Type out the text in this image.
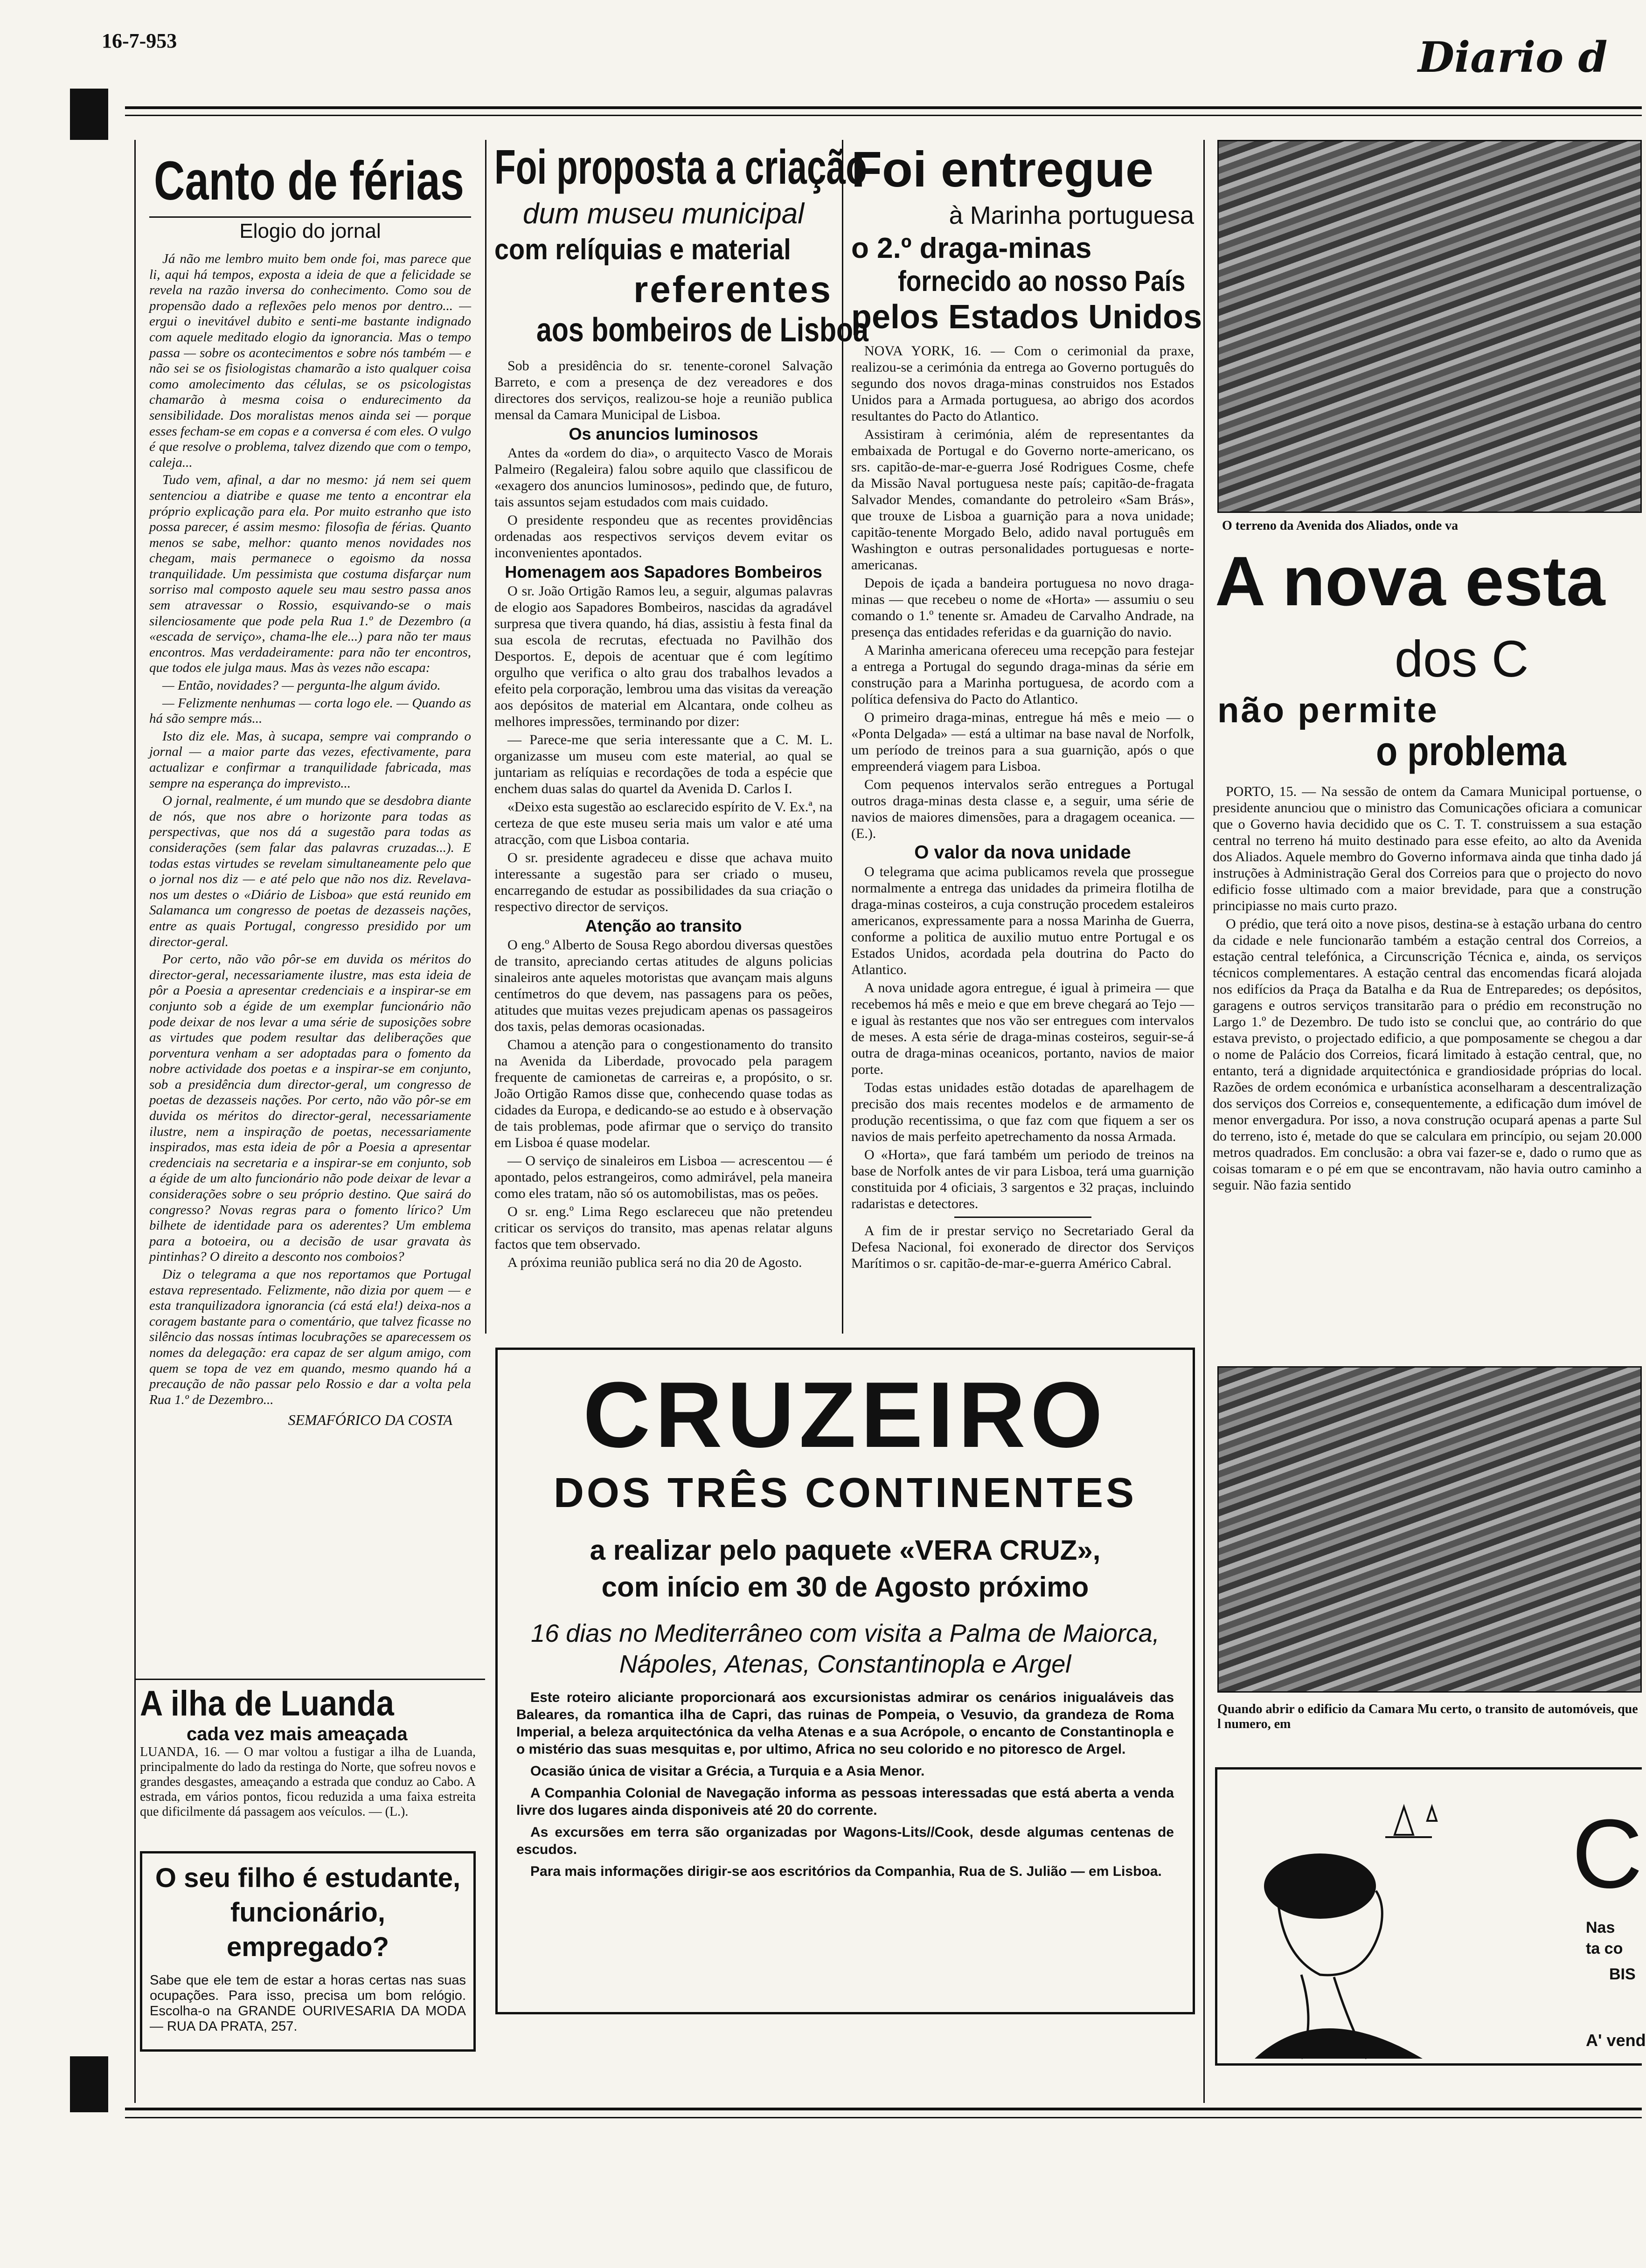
16-7-953	Diario d
Canto de férias
Elogio do jornal

Já não me lembro muito bem onde foi, mas parece que li, aqui há tempos, exposta a ideia de que a felicidade se revela na razão inversa do conhecimento. Como sou de propensão dado a reflexões pelo menos por dentro... — ergui o inevitável dubito e senti-me bastante indignado com aquele meditado elogio da ignorancia. Mas o tempo passa — sobre os acontecimentos e sobre nós também — e não sei se os fisiologistas chamarão a isto qualquer coisa como amolecimento das células, se os psicologistas chamarão à mesma coisa o endurecimento da sensibilidade. Dos moralistas menos ainda sei — porque esses fecham-se em copas e a conversa é com eles. O vulgo é que resolve o problema, talvez dizendo que com o tempo, caleja...

Tudo vem, afinal, a dar no mesmo: já nem sei quem sentenciou a diatribe e quase me tento a encontrar ela próprio explicação para ela. Por muito estranho que isto possa parecer, é assim mesmo: filosofia de férias. Quanto menos se sabe, melhor: quanto menos novidades nos chegam, mais permanece o egoismo da nossa tranquilidade. Um pessimista que costuma disfarçar num sorriso mal composto aquele seu mau sestro passa anos sem atravessar o Rossio, esquivando-se o mais silenciosamente que pode pela Rua 1.º de Dezembro (a «escada de serviço», chama-lhe ele...) para não ter maus encontros. Mas verdadeiramente: para não ter encontros, que todos ele julga maus. Mas às vezes não escapa:

— Então, novidades? — pergunta-lhe algum ávido.

— Felizmente nenhumas — corta logo ele. — Quando as há são sempre más...

Isto diz ele. Mas, à sucapa, sempre vai comprando o jornal — a maior parte das vezes, efectivamente, para actualizar e confirmar a tranquilidade fabricada, mas sempre na esperança do imprevisto...

O jornal, realmente, é um mundo que se desdobra diante de nós, que nos abre o horizonte para todas as perspectivas, que nos dá a sugestão para todas as considerações (sem falar das palavras cruzadas...). E todas estas virtudes se revelam simultaneamente pelo que o jornal nos diz — e até pelo que não nos diz. Revelava-nos um destes o «Diário de Lisboa» que está reunido em Salamanca um congresso de poetas de dezasseis nações, entre as quais Portugal, congresso presidido por um director-geral.

Por certo, não vão pôr-se em duvida os méritos do director-geral, necessariamente ilustre, mas esta ideia de pôr a Poesia a apresentar credenciais e a inspirar-se em conjunto sob a égide de um exemplar funcionário não pode deixar de nos levar a uma série de suposições sobre as virtudes que podem resultar das deliberações que porventura venham a ser adoptadas para o fomento da nobre actividade dos poetas e a inspirar-se em conjunto, sob a presidência dum director-geral, um congresso de poetas de dezasseis nações. Por certo, não vão pôr-se em duvida os méritos do director-geral, necessariamente ilustre, nem a inspiração de poetas, necessariamente inspirados, mas esta ideia de pôr a Poesia a apresentar credenciais na secretaria e a inspirar-se em conjunto, sob a égide de um alto funcionário não pode deixar de levar a considerações sobre o seu próprio destino. Que sairá do congresso? Novas regras para o fomento lírico? Um bilhete de identidade para os aderentes? Um emblema para a botoeira, ou a decisão de usar gravata às pintinhas? O direito a desconto nos comboios?

Diz o telegrama a que nos reportamos que Portugal estava representado. Felizmente, não dizia por quem — e esta tranquilizadora ignorancia (cá está ela!) deixa-nos a coragem bastante para o comentário, que talvez ficasse no silêncio das nossas íntimas locubrações se aparecessem os nomes da delegação: era capaz de ser algum amigo, com quem se topa de vez em quando, mesmo quando há a precaução de não passar pelo Rossio e dar a volta pela Rua 1.º de Dezembro...

SEMAFÓRICO DA COSTA
A ilha de Luanda
cada vez mais ameaçada
LUANDA, 16. — O mar voltou a fustigar a ilha de Luanda, principalmente do lado da restinga do Norte, que sofreu novos e grandes desgastes, ameaçando a estrada que conduz ao Cabo. A estrada, em vários pontos, ficou reduzida a uma faixa estreita que dificilmente dá passagem aos veículos. — (L.).
O seu filho é estudante, funcionário, empregado?
Sabe que ele tem de estar a horas certas nas suas ocupações. Para isso, precisa um bom relógio. Escolha-o na GRANDE OURIVESARIA DA MODA — RUA DA PRATA, 257.
Foi proposta a criação
dum museu municipal
com relíquias e material
referentes
aos bombeiros de Lisboa

Sob a presidência do sr. tenente-coronel Salvação Barreto, e com a presença de dez vereadores e dos directores dos serviços, realizou-se hoje a reunião publica mensal da Camara Municipal de Lisboa.

Os anuncios luminosos

Antes da «ordem do dia», o arquitecto Vasco de Morais Palmeiro (Regaleira) falou sobre aquilo que classificou de «exagero dos anuncios luminosos», pedindo que, de futuro, tais assuntos sejam estudados com mais cuidado.

O presidente respondeu que as recentes providências ordenadas aos respectivos serviços devem evitar os inconvenientes apontados.

Homenagem aos Sapadores Bombeiros

O sr. João Ortigão Ramos leu, a seguir, algumas palavras de elogio aos Sapadores Bombeiros, nascidas da agradável surpresa que tivera quando, há dias, assistiu à festa final da sua escola de recrutas, efectuada no Pavilhão dos Desportos. E, depois de acentuar que é com legítimo orgulho que verifica o alto grau dos trabalhos levados a efeito pela corporação, lembrou uma das visitas da vereação aos depósitos de material em Alcantara, onde colheu as melhores impressões, terminando por dizer:

— Parece-me que seria interessante que a C. M. L. organizasse um museu com este material, ao qual se juntariam as relíquias e recordações de toda a espécie que enchem duas salas do quartel da Avenida D. Carlos I.

«Deixo esta sugestão ao esclarecido espírito de V. Ex.ª, na certeza de que este museu seria mais um valor e até uma atracção, com que Lisboa contaria.

O sr. presidente agradeceu e disse que achava muito interessante a sugestão para ser criado o museu, encarregando de estudar as possibilidades da sua criação o respectivo director de serviços.

Atenção ao transito

O eng.º Alberto de Sousa Rego abordou diversas questões de transito, apreciando certas atitudes de alguns policias sinaleiros ante aqueles motoristas que avançam mais alguns centímetros do que devem, nas passagens para os peões, atitudes que muitas vezes prejudicam apenas os passageiros dos taxis, pelas demoras ocasionadas.

Chamou a atenção para o congestionamento do transito na Avenida da Liberdade, provocado pela paragem frequente de camionetas de carreiras e, a propósito, o sr. João Ortigão Ramos disse que, conhecendo quase todas as cidades da Europa, e dedicando-se ao estudo e à observação de tais problemas, pode afirmar que o serviço do transito em Lisboa é quase modelar.

— O serviço de sinaleiros em Lisboa — acrescentou — é apontado, pelos estrangeiros, como admirável, pela maneira como eles tratam, não só os automobilistas, mas os peões.

O sr. eng.º Lima Rego esclareceu que não pretendeu criticar os serviços do transito, mas apenas relatar alguns factos que tem observado.

A próxima reunião publica será no dia 20 de Agosto.

Foi entregue
à Marinha portuguesa
o 2.º draga-minas
fornecido ao nosso País
pelos Estados Unidos

NOVA YORK, 16. — Com o cerimonial da praxe, realizou-se a cerimónia da entrega ao Governo português do segundo dos novos draga-minas construidos nos Estados Unidos para a Armada portuguesa, ao abrigo dos acordos resultantes do Pacto do Atlantico.

Assistiram à cerimónia, além de representantes da embaixada de Portugal e do Governo norte-americano, os srs. capitão-de-mar-e-guerra José Rodrigues Cosme, chefe da Missão Naval portuguesa neste país; capitão-de-fragata Salvador Mendes, comandante do petroleiro «Sam Brás», que trouxe de Lisboa a guarnição para a nova unidade; capitão-tenente Morgado Belo, adido naval português em Washington e outras personalidades portuguesas e norte-americanas.

Depois de içada a bandeira portuguesa no novo draga-minas — que recebeu o nome de «Horta» — assumiu o seu comando o 1.º tenente sr. Amadeu de Carvalho Andrade, na presença das entidades referidas e da guarnição do navio.

A Marinha americana ofereceu uma recepção para festejar a entrega a Portugal do segundo draga-minas da série em construção para a Marinha portuguesa, de acordo com a política defensiva do Pacto do Atlantico.

O primeiro draga-minas, entregue há mês e meio — o «Ponta Delgada» — está a ultimar na base naval de Norfolk, um período de treinos para a sua guarnição, após o que empreenderá viagem para Lisboa.

Com pequenos intervalos serão entregues a Portugal outros draga-minas desta classe e, a seguir, uma série de navios de maiores dimensões, para a dragagem oceanica. — (E.).

O valor da nova unidade

O telegrama que acima publicamos revela que prossegue normalmente a entrega das unidades da primeira flotilha de draga-minas costeiros, a cuja construção procedem estaleiros americanos, expressamente para a nossa Marinha de Guerra, conforme a politica de auxilio mutuo entre Portugal e os Estados Unidos, acordada pela doutrina do Pacto do Atlantico.

A nova unidade agora entregue, é igual à primeira — que recebemos há mês e meio e que em breve chegará ao Tejo — e igual às restantes que nos vão ser entregues com intervalos de meses. A esta série de draga-minas costeiros, seguir-se-á outra de draga-minas oceanicos, portanto, navios de maior porte.

Todas estas unidades estão dotadas de aparelhagem de precisão dos mais recentes modelos e de armamento de produção recentissima, o que faz com que fiquem a ser os navios de mais perfeito apetrechamento da nossa Armada.

O «Horta», que fará também um periodo de treinos na base de Norfolk antes de vir para Lisboa, terá uma guarnição constituida por 4 oficiais, 3 sargentos e 32 praças, incluindo radaristas e detectores.

A fim de ir prestar serviço no Secretariado Geral da Defesa Nacional, foi exonerado de director dos Serviços Marítimos o sr. capitão-de-mar-e-guerra Américo Cabral.

CRUZEIRO
DOS TRÊS CONTINENTES
a realizar pelo paquete «VERA CRUZ»,
com início em 30 de Agosto próximo
16 dias no Mediterrâneo com visita a Palma de Maiorca,
Nápoles, Atenas, Constantinopla e Argel

Este roteiro aliciante proporcionará aos excursionistas admirar os cenários inigualáveis das Baleares, da romantica ilha de Capri, das ruinas de Pompeia, o Vesuvio, da grandeza de Roma Imperial, a beleza arquitectónica da velha Atenas e a sua Acrópole, o encanto de Constantinopla e o mistério das suas mesquitas e, por ultimo, Africa no seu colorido e no pitoresco de Argel.

Ocasião única de visitar a Grécia, a Turquia e a Asia Menor.

A Companhia Colonial de Navegação informa as pessoas interessadas que está aberta a venda livre dos lugares ainda disponiveis até 20 do corrente.

As excursões em terra são organizadas por Wagons-Lits//Cook, desde algumas centenas de escudos.

Para mais informações dirigir-se aos escritórios da Companhia, Rua de S. Julião — em Lisboa.

O terreno da Avenida dos Aliados, onde va
A nova esta
dos C
não permite
o problema

PORTO, 15. — Na sessão de ontem da Camara Municipal portuense, o presidente anunciou que o ministro das Comunicações oficiara a comunicar que o Governo havia decidido que os C. T. T. construissem a sua estação central no terreno há muito destinado para esse efeito, ao alto da Avenida dos Aliados. Aquele membro do Governo informava ainda que tinha dado já instruções à Administração Geral dos Correios para que o projecto do novo edificio fosse ultimado com a maior brevidade, para que a construção principiasse no mais curto prazo.

O prédio, que terá oito a nove pisos, destina-se à estação urbana do centro da cidade e nele funcionarão também a estação central dos Correios, a estação central telefónica, a Circunscrição Técnica e, ainda, os serviços técnicos complementares. A estação central das encomendas ficará alojada nos edifícios da Praça da Batalha e da Rua de Entreparedes; os depósitos, garagens e outros serviços transitarão para o prédio em reconstrução no Largo 1.º de Dezembro. De tudo isto se conclui que, ao contrário do que estava previsto, o projectado edificio, a que pomposamente se chegou a dar o nome de Palácio dos Correios, ficará limitado à estação central, que, no entanto, terá a dignidade arquitectónica e grandiosidade próprias do local. Razões de ordem económica e urbanística aconselharam a descentralização dos serviços dos Correios e, consequentemente, a edificação dum imóvel de menor envergadura. Por isso, a nova construção ocupará apenas a parte Sul do terreno, isto é, metade do que se calculara em princípio, ou sejam 20.000 metros quadrados. Em conclusão: a obra vai fazer-se e, dado o rumo que as coisas tomaram e o pé em que se encontravam, não havia outro caminho a seguir. Não fazia sentido

Quando abrir o edificio da Camara Mu certo, o transito de automóveis, que l numero, em
C
Nas
ta co
BIS
A' vend
